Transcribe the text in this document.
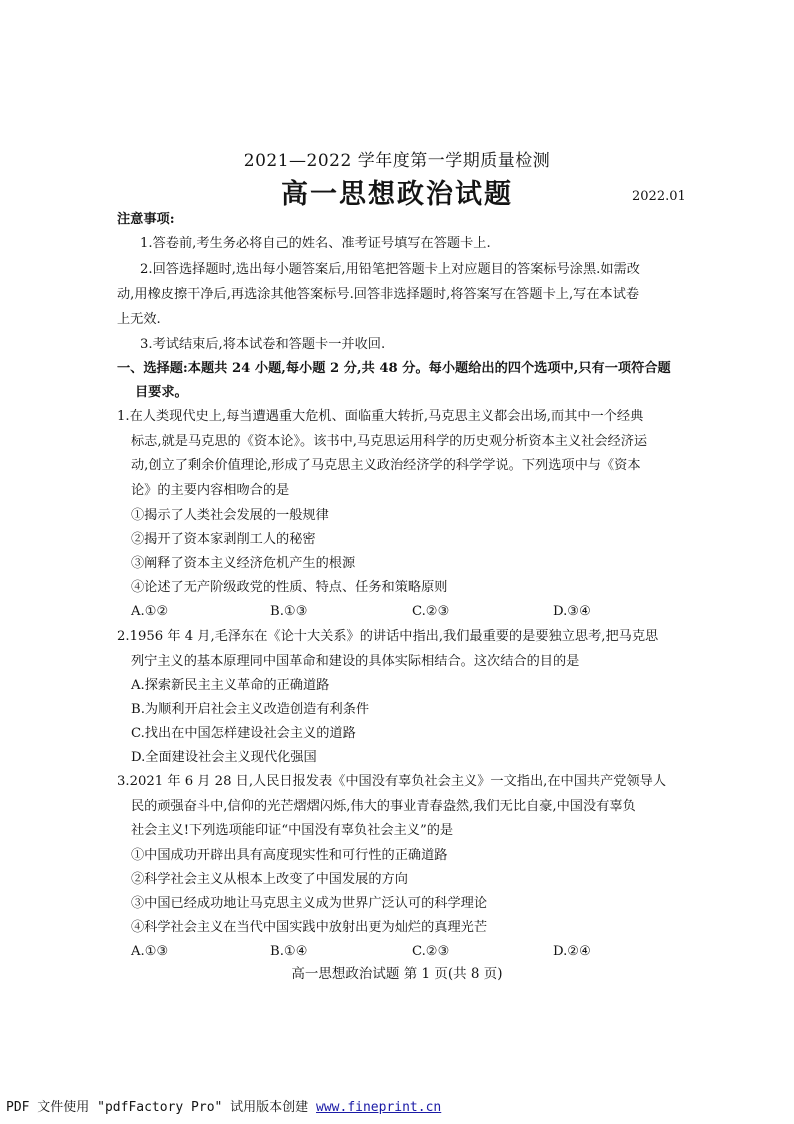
2021—2022 学年度第一学期质量检测
高一思想政治试题	2022.01
注意事项:
1.答卷前,考生务必将自己的姓名、准考证号填写在答题卡上.
2.回答选择题时,选出每小题答案后,用铅笔把答题卡上对应题目的答案标号涂黑.如需改
动,用橡皮擦干净后,再选涂其他答案标号.回答非选择题时,将答案写在答题卡上,写在本试卷
上无效.
3.考试结束后,将本试卷和答题卡一并收回.
一、选择题:本题共 24 小题,每小题 2 分,共 48 分。每小题给出的四个选项中,只有一项符合题
目要求。
1.在人类现代史上,每当遭遇重大危机、面临重大转折,马克思主义都会出场,而其中一个经典
标志,就是马克思的《资本论》。该书中,马克思运用科学的历史观分析资本主义社会经济运
动,创立了剩余价值理论,形成了马克思主义政治经济学的科学学说。下列选项中与《资本
论》的主要内容相吻合的是
①揭示了人类社会发展的一般规律
②揭开了资本家剥削工人的秘密
③阐释了资本主义经济危机产生的根源
④论述了无产阶级政党的性质、特点、任务和策略原则
A.①②	B.①③	C.②③	D.③④
2.1956 年 4 月,毛泽东在《论十大关系》的讲话中指出,我们最重要的是要独立思考,把马克思
列宁主义的基本原理同中国革命和建设的具体实际相结合。这次结合的目的是
A.探索新民主主义革命的正确道路
B.为顺利开启社会主义改造创造有利条件
C.找出在中国怎样建设社会主义的道路
D.全面建设社会主义现代化强国
3.2021 年 6 月 28 日,人民日报发表《中国没有辜负社会主义》一文指出,在中国共产党领导人
民的顽强奋斗中,信仰的光芒熠熠闪烁,伟大的事业青春盎然,我们无比自豪,中国没有辜负
社会主义!下列选项能印证“中国没有辜负社会主义”的是
①中国成功开辟出具有高度现实性和可行性的正确道路
②科学社会主义从根本上改变了中国发展的方向
③中国已经成功地让马克思主义成为世界广泛认可的科学理论
④科学社会主义在当代中国实践中放射出更为灿烂的真理光芒
A.①③	B.①④	C.②③	D.②④
高一思想政治试题 第 1 页(共 8 页)
PDF 文件使用 "pdfFactory Pro" 试用版本创建 www.fineprint.cn
